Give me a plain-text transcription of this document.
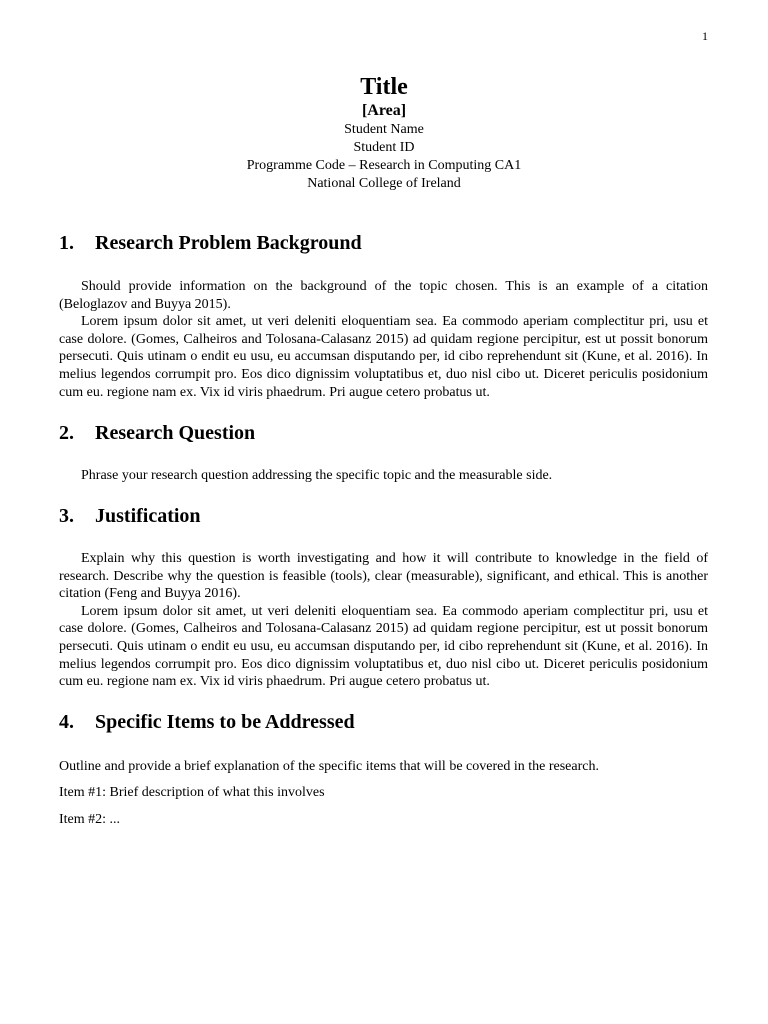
1
Title
[Area]
Student Name
Student ID
Programme Code – Research in Computing CA1
National College of Ireland
1.	Research Problem Background

Should provide information on the background of the topic chosen. This is an example of a citation (Beloglazov and Buyya 2015).

Lorem ipsum dolor sit amet, ut veri deleniti eloquentiam sea. Ea commodo aperiam complectitur pri, usu et case dolore. (Gomes, Calheiros and Tolosana-Calasanz 2015) ad quidam regione percipitur, est ut possit bonorum persecuti. Quis utinam o endit eu usu, eu accumsan disputando per, id cibo reprehendunt sit (Kune, et al. 2016). In melius legendos corrumpit pro. Eos dico dignissim voluptatibus et, duo nisl cibo ut. Diceret periculis posidonium cum eu. regione nam ex. Vix id viris phaedrum. Pri augue cetero probatus ut.

2.	Research Question

Phrase your research question addressing the specific topic and the measurable side.

3.	Justification

Explain why this question is worth investigating and how it will contribute to knowledge in the field of research. Describe why the question is feasible (tools), clear (measurable), significant, and ethical. This is another citation (Feng and Buyya 2016).

Lorem ipsum dolor sit amet, ut veri deleniti eloquentiam sea. Ea commodo aperiam complectitur pri, usu et case dolore. (Gomes, Calheiros and Tolosana-Calasanz 2015) ad quidam regione percipitur, est ut possit bonorum persecuti. Quis utinam o endit eu usu, eu accumsan disputando per, id cibo reprehendunt sit (Kune, et al. 2016). In melius legendos corrumpit pro. Eos dico dignissim voluptatibus et, duo nisl cibo ut. Diceret periculis posidonium cum eu. regione nam ex. Vix id viris phaedrum. Pri augue cetero probatus ut.

4.	Specific Items to be Addressed

Outline and provide a brief explanation of the specific items that will be covered in the research.

Item #1: Brief description of what this involves

Item #2: ...
